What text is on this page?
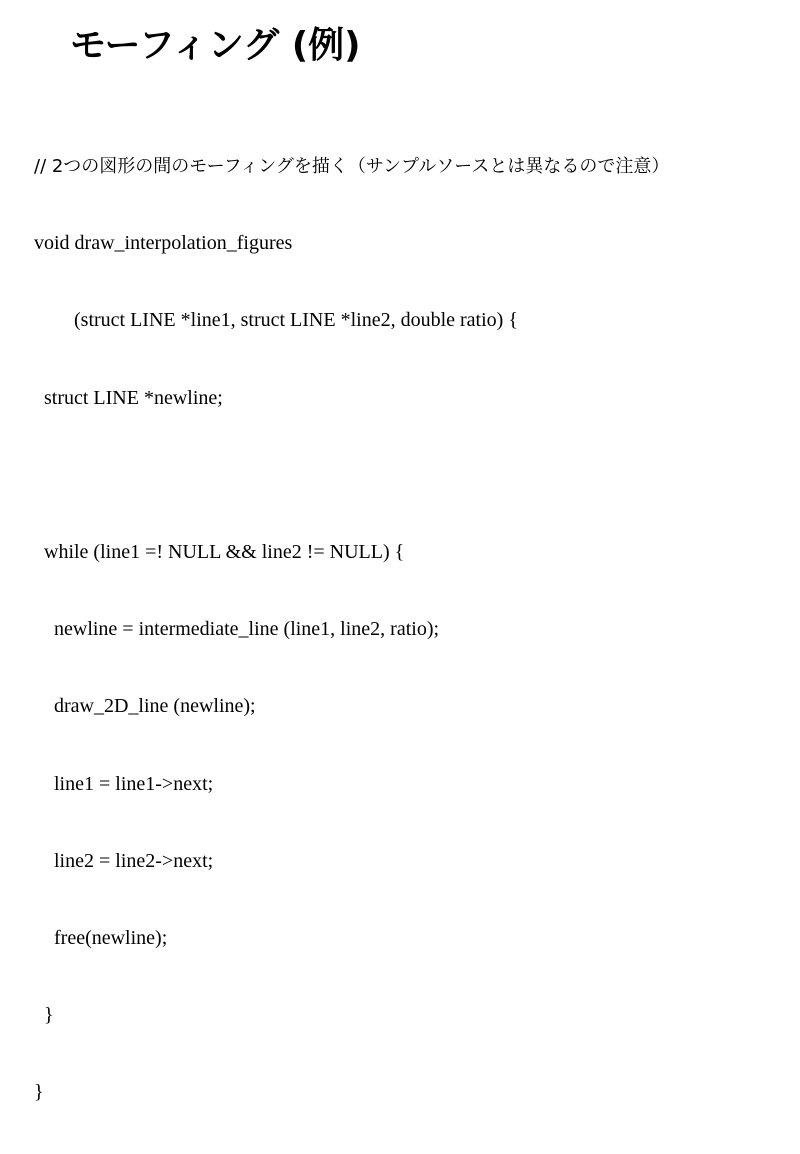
モーフィング (例)

// 2つの図形の間のモーフィングを描く（サンプルソースとは異なるので注意）

void draw_interpolation_figures

(struct LINE *line1, struct LINE *line2, double ratio) {

struct LINE *newline;

while (line1 =! NULL && line2 != NULL) {

newline = intermediate_line (line1, line2, ratio);

draw_2D_line (newline);

line1 = line1->next;

line2 = line2->next;

free(newline);

}

}
